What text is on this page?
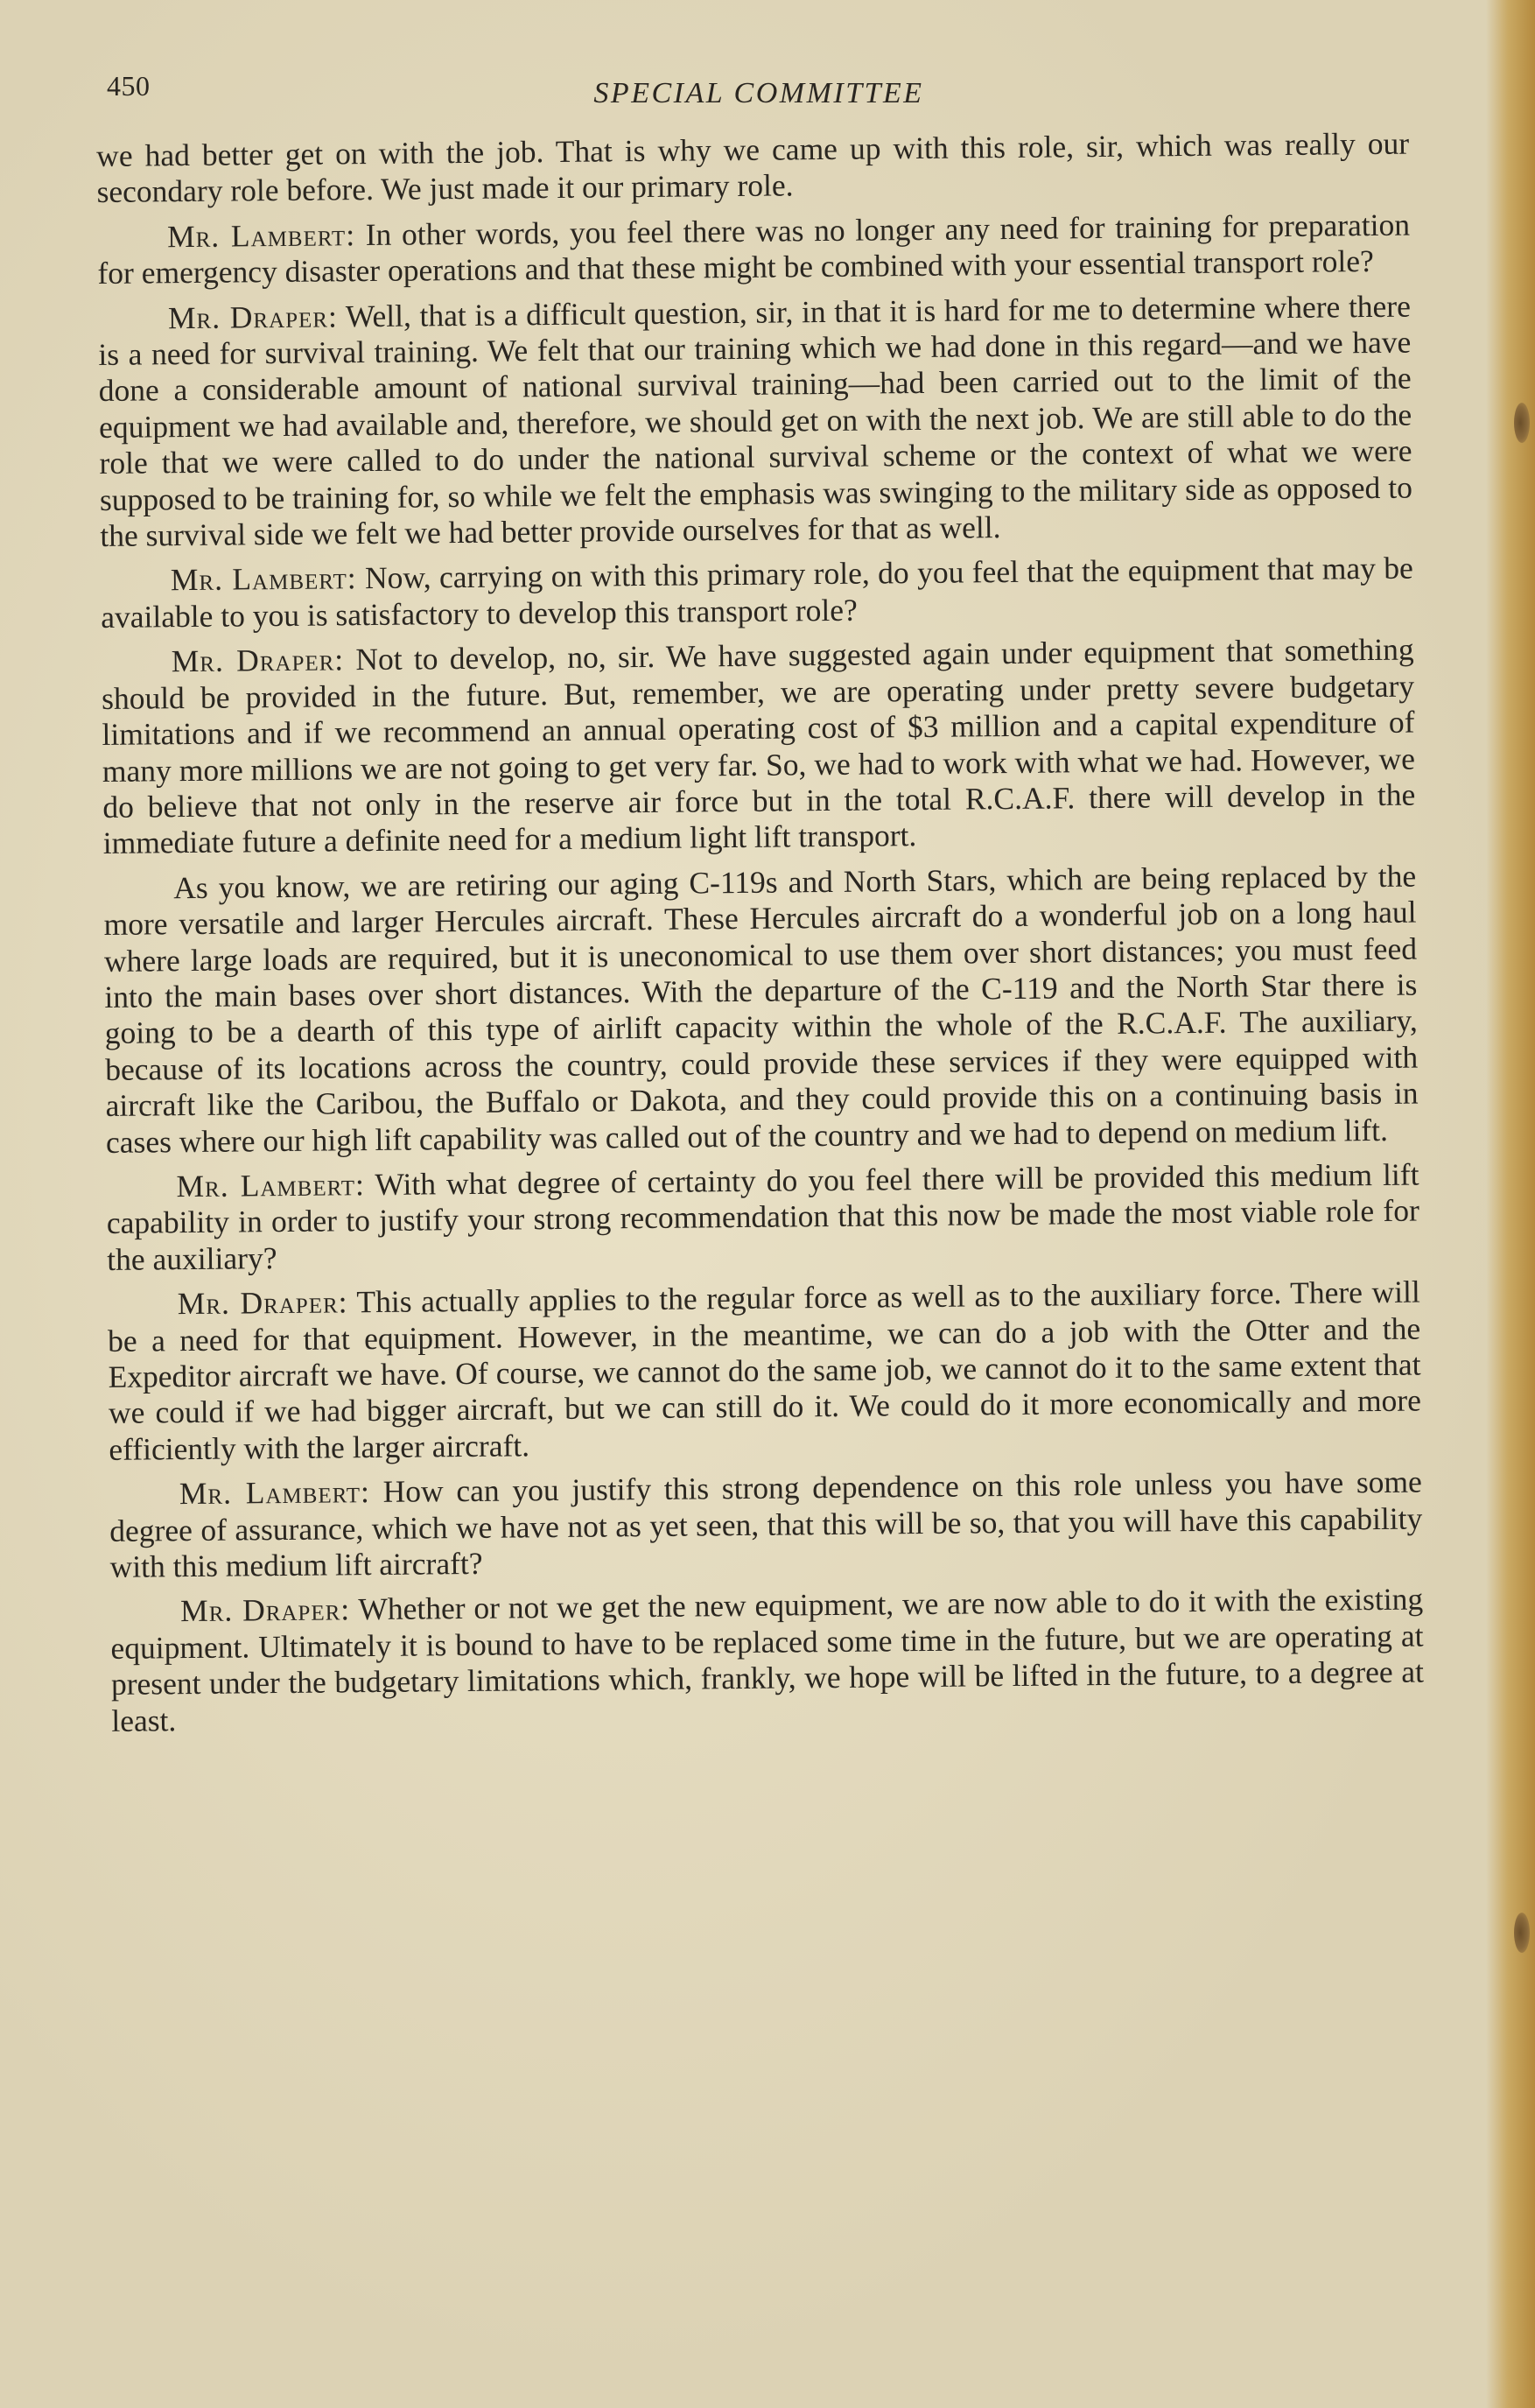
450	SPECIAL COMMITTEE

we had better get on with the job. That is why we came up with this role, sir, which was really our secondary role before. We just made it our primary role.

Mr. Lambert: In other words, you feel there was no longer any need for training for preparation for emergency disaster operations and that these might be combined with your essential transport role?

Mr. Draper: Well, that is a difficult question, sir, in that it is hard for me to determine where there is a need for survival training. We felt that our training which we had done in this regard—and we have done a considerable amount of national survival training—had been carried out to the limit of the equipment we had available and, therefore, we should get on with the next job. We are still able to do the role that we were called to do under the national survival scheme or the context of what we were supposed to be training for, so while we felt the emphasis was swinging to the military side as opposed to the survival side we felt we had better provide ourselves for that as well.

Mr. Lambert: Now, carrying on with this primary role, do you feel that the equipment that may be available to you is satisfactory to develop this transport role?

Mr. Draper: Not to develop, no, sir. We have suggested again under equipment that something should be provided in the future. But, remember, we are operating under pretty severe budgetary limitations and if we recommend an annual operating cost of $3 million and a capital expenditure of many more millions we are not going to get very far. So, we had to work with what we had. However, we do believe that not only in the reserve air force but in the total R.C.A.F. there will develop in the immediate future a definite need for a medium light lift transport.

As you know, we are retiring our aging C-119s and North Stars, which are being replaced by the more versatile and larger Hercules aircraft. These Hercules aircraft do a wonderful job on a long haul where large loads are required, but it is uneconomical to use them over short distances; you must feed into the main bases over short distances. With the departure of the C-119 and the North Star there is going to be a dearth of this type of airlift capacity within the whole of the R.C.A.F. The auxiliary, because of its locations across the country, could provide these services if they were equipped with aircraft like the Caribou, the Buffalo or Dakota, and they could provide this on a continuing basis in cases where our high lift capability was called out of the country and we had to depend on medium lift.

Mr. Lambert: With what degree of certainty do you feel there will be provided this medium lift capability in order to justify your strong recommendation that this now be made the most viable role for the auxiliary?

Mr. Draper: This actually applies to the regular force as well as to the auxiliary force. There will be a need for that equipment. However, in the meantime, we can do a job with the Otter and the Expeditor aircraft we have. Of course, we cannot do the same job, we cannot do it to the same extent that we could if we had bigger aircraft, but we can still do it. We could do it more economically and more efficiently with the larger aircraft.

Mr. Lambert: How can you justify this strong dependence on this role unless you have some degree of assurance, which we have not as yet seen, that this will be so, that you will have this capability with this medium lift aircraft?

Mr. Draper: Whether or not we get the new equipment, we are now able to do it with the existing equipment. Ultimately it is bound to have to be replaced some time in the future, but we are operating at present under the budgetary limitations which, frankly, we hope will be lifted in the future, to a degree at least.
